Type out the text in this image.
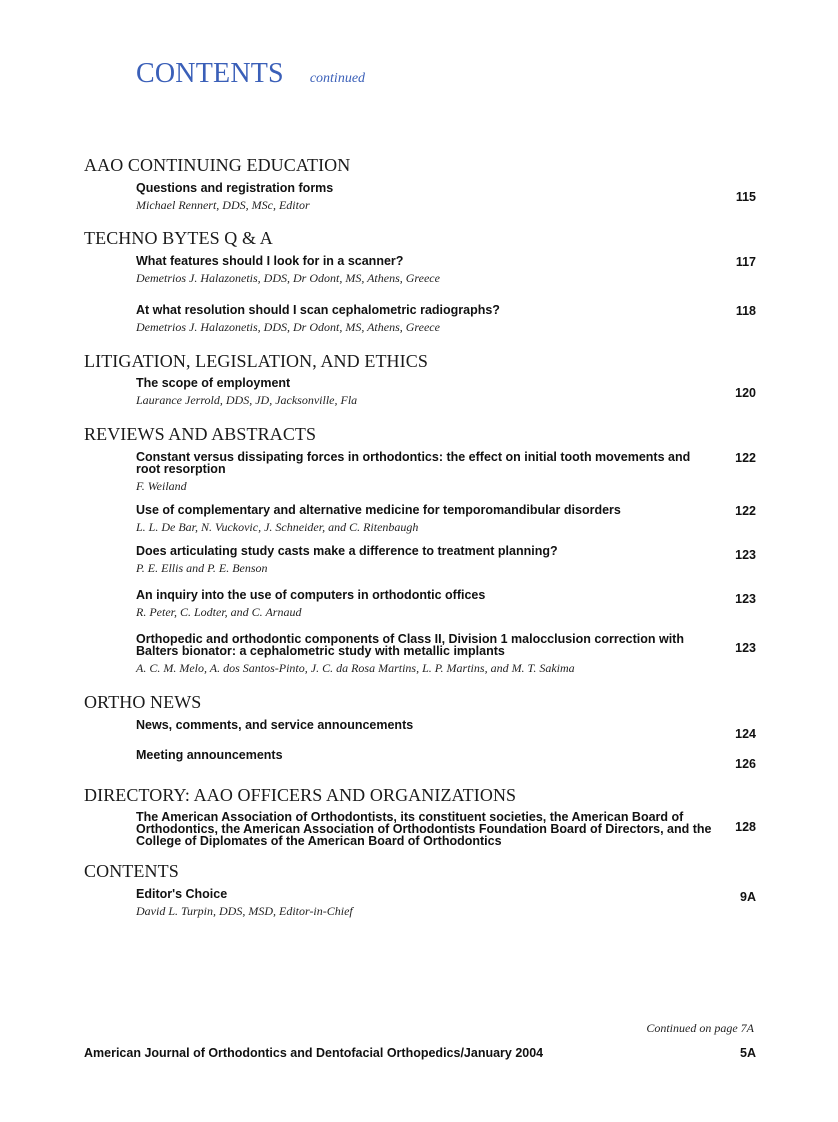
CONTENTS continued
AAO CONTINUING EDUCATION
Questions and registration forms
Michael Rennert, DDS, MSc, Editor
115
TECHNO BYTES Q & A
What features should I look for in a scanner?
Demetrios J. Halazonetis, DDS, Dr Odont, MS, Athens, Greece
117
At what resolution should I scan cephalometric radiographs?
Demetrios J. Halazonetis, DDS, Dr Odont, MS, Athens, Greece
118
LITIGATION, LEGISLATION, AND ETHICS
The scope of employment
Laurance Jerrold, DDS, JD, Jacksonville, Fla	120
REVIEWS AND ABSTRACTS
Constant versus dissipating forces in orthodontics: the effect on initial tooth movements and root resorption
F. Weiland
122
Use of complementary and alternative medicine for temporomandibular disorders
L. L. De Bar, N. Vuckovic, J. Schneider, and C. Ritenbaugh
122
Does articulating study casts make a difference to treatment planning?
P. E. Ellis and P. E. Benson
123
An inquiry into the use of computers in orthodontic offices
R. Peter, C. Lodter, and C. Arnaud
123
Orthopedic and orthodontic components of Class II, Division 1 malocclusion correction with Balters bionator: a cephalometric study with metallic implants
A. C. M. Melo, A. dos Santos-Pinto, J. C. da Rosa Martins, L. P. Martins, and M. T. Sakima
123
ORTHO NEWS
News, comments, and service announcements
124
Meeting announcements
126
DIRECTORY: AAO OFFICERS AND ORGANIZATIONS
The American Association of Orthodontists, its constituent societies, the American Board of Orthodontics, the American Association of Orthodontists Foundation Board of Directors, and the College of Diplomates of the American Board of Orthodontics
128
CONTENTS
Editor's Choice
David L. Turpin, DDS, MSD, Editor-in-Chief
9A
Continued on page 7A
American Journal of Orthodontics and Dentofacial Orthopedics/January 2004	5A
